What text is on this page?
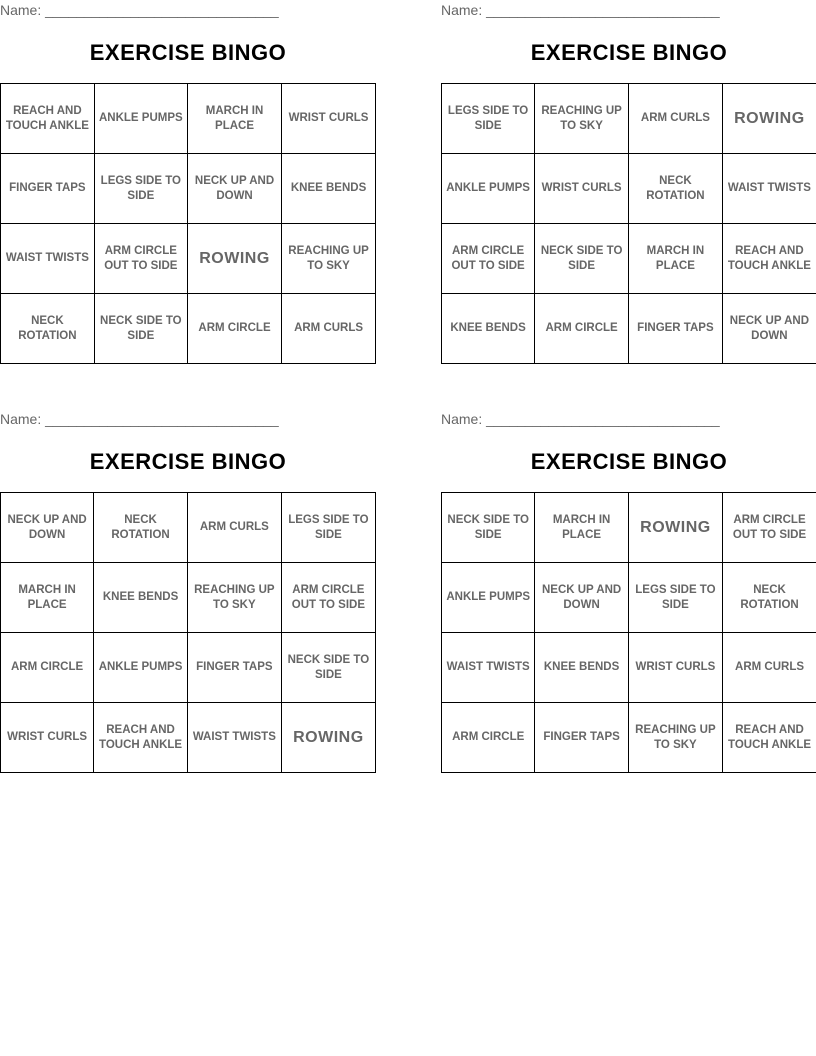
Name: ______________________________
EXERCISE BINGO
REACH AND TOUCH ANKLE	ANKLE PUMPS	MARCH IN PLACE	WRIST CURLS
FINGER TAPS	LEGS SIDE TO SIDE	NECK UP AND DOWN	KNEE BENDS
WAIST TWISTS	ARM CIRCLE OUT TO SIDE	ROWING	REACHING UP TO SKY
NECK ROTATION	NECK SIDE TO SIDE	ARM CIRCLE	ARM CURLS
Name: ______________________________
EXERCISE BINGO
LEGS SIDE TO SIDE	REACHING UP TO SKY	ARM CURLS	ROWING
ANKLE PUMPS	WRIST CURLS	NECK ROTATION	WAIST TWISTS
ARM CIRCLE OUT TO SIDE	NECK SIDE TO SIDE	MARCH IN PLACE	REACH AND TOUCH ANKLE
KNEE BENDS	ARM CIRCLE	FINGER TAPS	NECK UP AND DOWN
Name: ______________________________
EXERCISE BINGO
NECK UP AND DOWN	NECK ROTATION	ARM CURLS	LEGS SIDE TO SIDE
MARCH IN PLACE	KNEE BENDS	REACHING UP TO SKY	ARM CIRCLE OUT TO SIDE
ARM CIRCLE	ANKLE PUMPS	FINGER TAPS	NECK SIDE TO SIDE
WRIST CURLS	REACH AND TOUCH ANKLE	WAIST TWISTS	ROWING
Name: ______________________________
EXERCISE BINGO
NECK SIDE TO SIDE	MARCH IN PLACE	ROWING	ARM CIRCLE OUT TO SIDE
ANKLE PUMPS	NECK UP AND DOWN	LEGS SIDE TO SIDE	NECK ROTATION
WAIST TWISTS	KNEE BENDS	WRIST CURLS	ARM CURLS
ARM CIRCLE	FINGER TAPS	REACHING UP TO SKY	REACH AND TOUCH ANKLE
